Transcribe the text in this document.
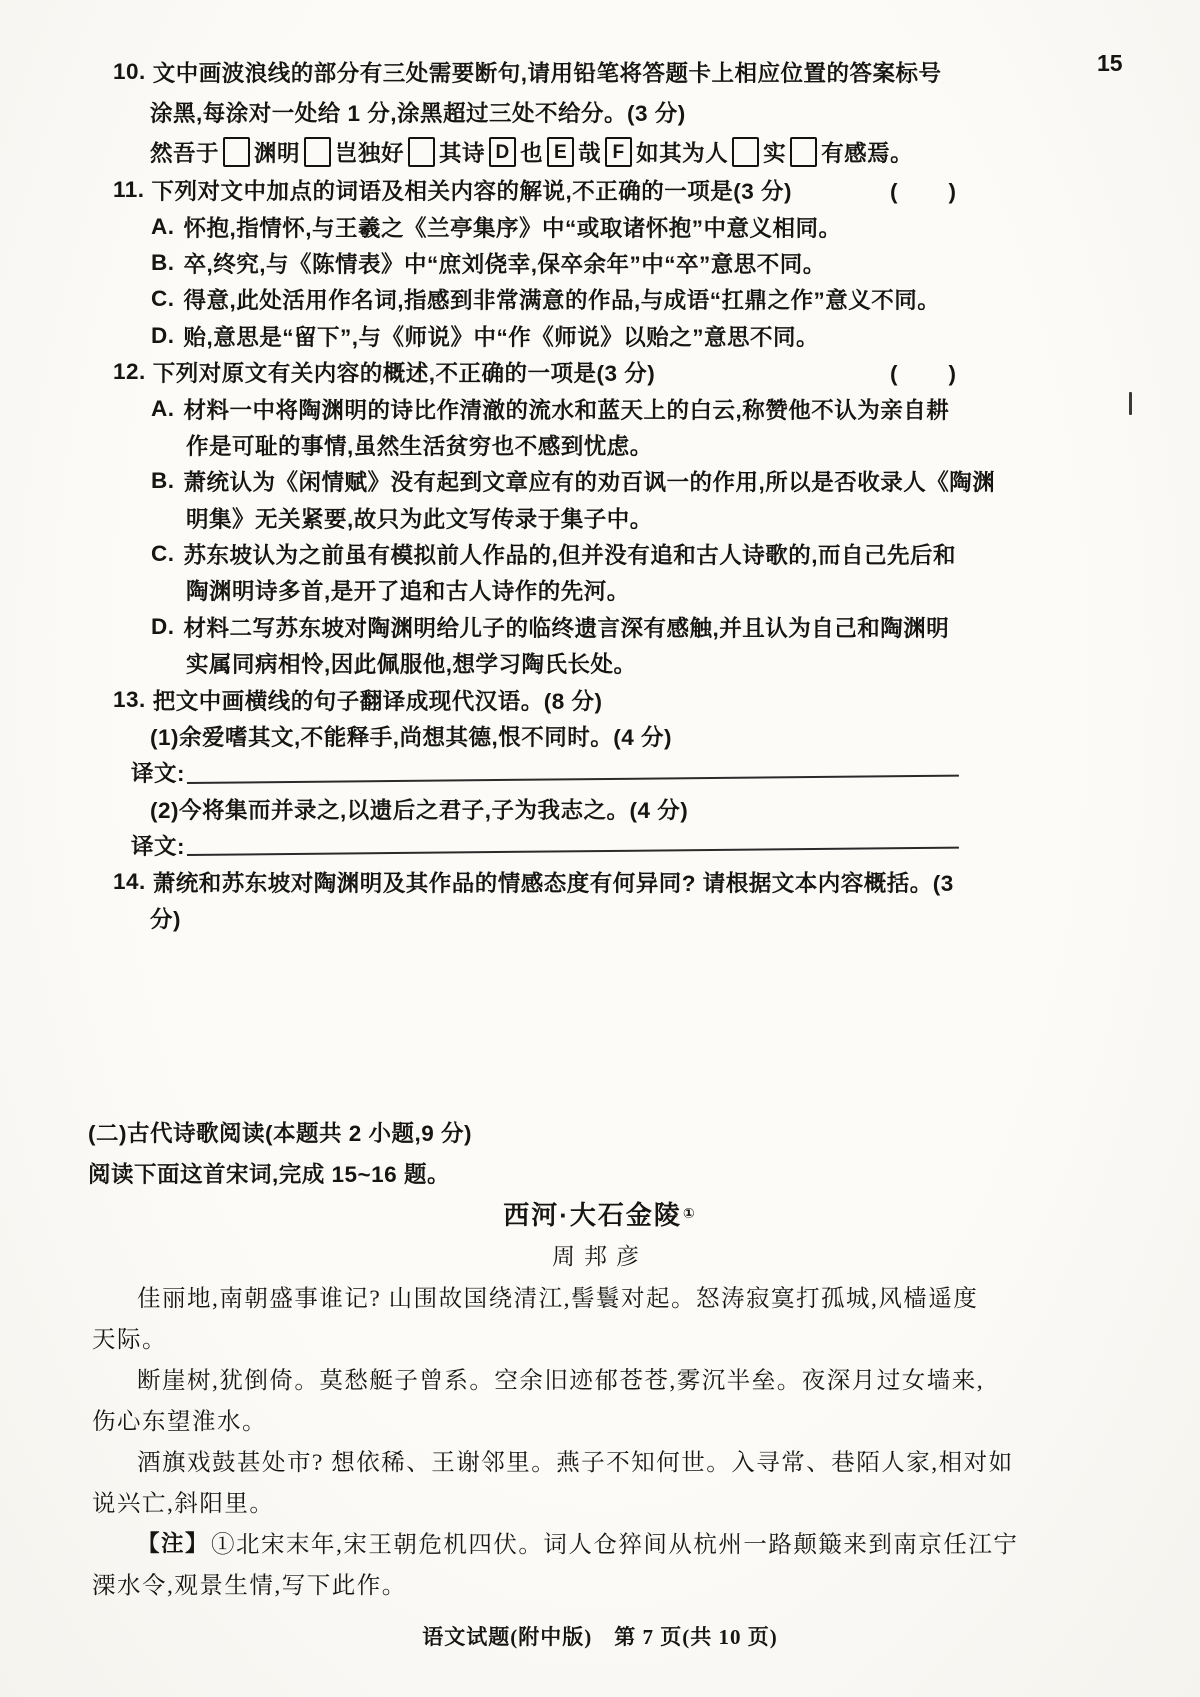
15
10. 文中画波浪线的部分有三处需要断句,请用铅笔将答题卡上相应位置的答案标号
涂黑,每涂对一处给 1 分,涂黑超过三处不给分。(3 分)
然吾于 渊明 岂独好 其诗 D 也 E 哉 F 如其为人 实 有感焉。
11. 下列对文中加点的词语及相关内容的解说,不正确的一项是(3 分)	(　　)
A. 怀抱,指情怀,与王羲之《兰亭集序》中“或取诸怀抱”中意义相同。
B. 卒,终究,与《陈情表》中“庶刘侥幸,保卒余年”中“卒”意思不同。
C. 得意,此处活用作名词,指感到非常满意的作品,与成语“扛鼎之作”意义不同。
D. 贻,意思是“留下”,与《师说》中“作《师说》以贻之”意思不同。
12. 下列对原文有关内容的概述,不正确的一项是(3 分)	(　　)
A. 材料一中将陶渊明的诗比作清澈的流水和蓝天上的白云,称赞他不认为亲自耕
作是可耻的事情,虽然生活贫穷也不感到忧虑。
B. 萧统认为《闲情赋》没有起到文章应有的劝百讽一的作用,所以是否收录人《陶渊
明集》无关紧要,故只为此文写传录于集子中。
C. 苏东坡认为之前虽有模拟前人作品的,但并没有追和古人诗歌的,而自己先后和
陶渊明诗多首,是开了追和古人诗作的先河。
D. 材料二写苏东坡对陶渊明给儿子的临终遗言深有感触,并且认为自己和陶渊明
实属同病相怜,因此佩服他,想学习陶氏长处。
13. 把文中画横线的句子翻译成现代汉语。(8 分)
(1)余爱嗜其文,不能释手,尚想其德,恨不同时。(4 分)
译文:
(2)今将集而并录之,以遗后之君子,子为我志之。(4 分)
译文:
14. 萧统和苏东坡对陶渊明及其作品的情感态度有何异同? 请根据文本内容概括。(3
分)
(二)古代诗歌阅读(本题共 2 小题,9 分)
阅读下面这首宋词,完成 15~16 题。
西河·大石金陵 ①
周邦彦
佳丽地,南朝盛事谁记? 山围故国绕清江,髻鬟对起。怒涛寂寞打孤城,风樯遥度
天际。
断崖树,犹倒倚。莫愁艇子曾系。空余旧迹郁苍苍,雾沉半垒。夜深月过女墙来,
伤心东望淮水。
酒旗戏鼓甚处市? 想依稀、王谢邻里。燕子不知何世。入寻常、巷陌人家,相对如
说兴亡,斜阳里。
【注】 ①北宋末年,宋王朝危机四伏。词人仓猝间从杭州一路颠簸来到南京任江宁
溧水令,观景生情,写下此作。
语文试题(附中版)　第 7 页(共 10 页)
